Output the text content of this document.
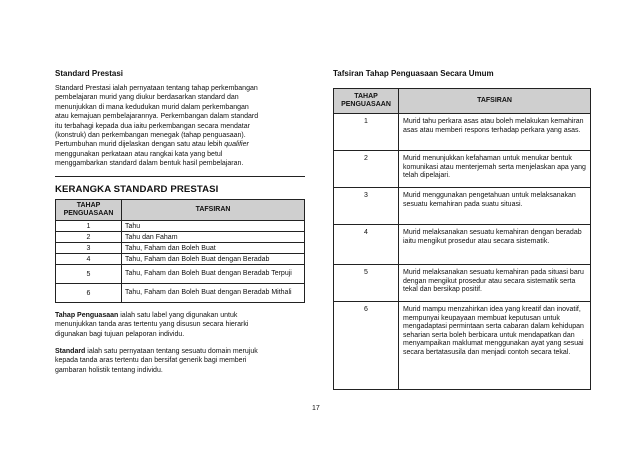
Standard Prestasi
Standard Prestasi ialah pernyataan tentang tahap perkembangan
pembelajaran murid yang diukur berdasarkan standard dan
menunjukkan di mana kedudukan murid dalam perkembangan
atau kemajuan pembelajarannya. Perkembangan dalam standard
itu terbahagi kepada dua iaitu perkembangan secara mendatar
(konstruk) dan perkembangan menegak (tahap penguasaan).
Pertumbuhan murid dijelaskan dengan satu atau lebih qualifier
menggunakan perkataan atau rangkai kata yang betul
menggambarkan standard dalam bentuk hasil pembelajaran.
KERANGKA STANDARD PRESTASI
TAHAP PENGUASAAN	TAFSIRAN
1	Tahu
2	Tahu dan Faham
3	Tahu, Faham dan Boleh Buat
4	Tahu, Faham dan Boleh Buat dengan Beradab
5	Tahu, Faham dan Boleh Buat dengan Beradab Terpuji
6	Tahu, Faham dan Boleh Buat dengan Beradab Mithali
Tahap Penguasaan ialah satu label yang digunakan untuk
menunjukkan tanda aras tertentu yang disusun secara hierarki
digunakan bagi tujuan pelaporan individu.
Standard ialah satu pernyataan tentang sesuatu domain merujuk
kepada tanda aras tertentu dan bersifat generik bagi memberi
gambaran holistik tentang individu.
Tafsiran Tahap Penguasaan Secara Umum
TAHAP PENGUASAAN	TAFSIRAN
1	Murid tahu perkara asas atau boleh melakukan kemahiran asas atau memberi respons terhadap perkara yang asas.
2	Murid menunjukkan kefahaman untuk menukar bentuk komunikasi atau menterjemah serta menjelaskan apa yang telah dipelajari.
3	Murid menggunakan pengetahuan untuk melaksanakan sesuatu kemahiran pada suatu situasi.
4	Murid melaksanakan sesuatu kemahiran dengan beradab iaitu mengikut prosedur atau secara sistematik.
5	Murid melaksanakan sesuatu kemahiran pada situasi baru dengan mengikut prosedur atau secara sistematik serta tekal dan bersikap positif.
6	Murid mampu menzahirkan idea yang kreatif dan inovatif, mempunyai keupayaan membuat keputusan untuk mengadaptasi permintaan serta cabaran dalam kehidupan seharian serta boleh berbicara untuk mendapatkan dan menyampaikan maklumat menggunakan ayat yang sesuai secara bertatasusila dan menjadi contoh secara tekal.
17
